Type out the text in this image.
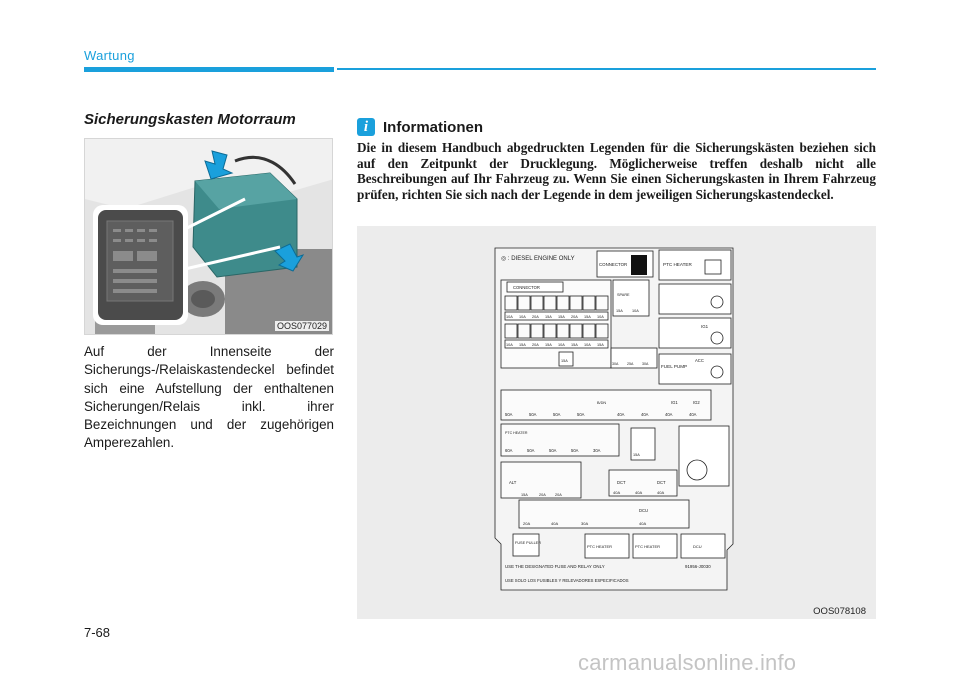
Wartung
Sicherungskasten Motorraum
OOS077029
Auf der Innenseite der Sicherungs-/Relaiskastendeckel befindet sich eine Aufstellung der enthaltenen Sicherungen/Relais inkl. ihrer Bezeichnungen und der zugehörigen Amperezahlen.
i Informationen
Die in diesem Handbuch abgedruckten Legenden für die Sicherungskästen beziehen sich auf den Zeitpunkt der Drucklegung. Möglicherweise treffen deshalb nicht alle Beschreibungen auf Ihr Fahrzeug zu. Wenn Sie einen Sicherungskasten in Ihrem Fahrzeug prüfen, richten Sie sich nach der Legende in dem jeweiligen Sicherungskastendeckel.
◎ : DIESEL ENGINE ONLY
CONNECTOR
CONNECTOR
10A 10A 20A 15A 15A 20A 15A 10A
10A 15A 20A 15A 10A 15A 10A 15A
15A
SPARE
15A 10A
30A 25A 30A
PTC HEATER
IG1
FUEL PUMP
ACC
50A	50A	50A	50A
B/DN
40A	40A	40A	40A
IG1	IG2
PTC HEATER
60A	50A	50A	50A	30A
15A
ALT
15A	20A 20A
DCT	DCT
40A	40A	40A
DCU
20A	40A	30A	40A
FUSE PULLER
PTC HEATER	PTC HEATER	DCU
USE THE DESIGNATED FUSE AND RELAY ONLY	91956-J0030
USE SOLO LOS FUSIBLES Y RELEVADORES ESPECIFICADOS
OOS078108
7-68
carmanualsonline.info
